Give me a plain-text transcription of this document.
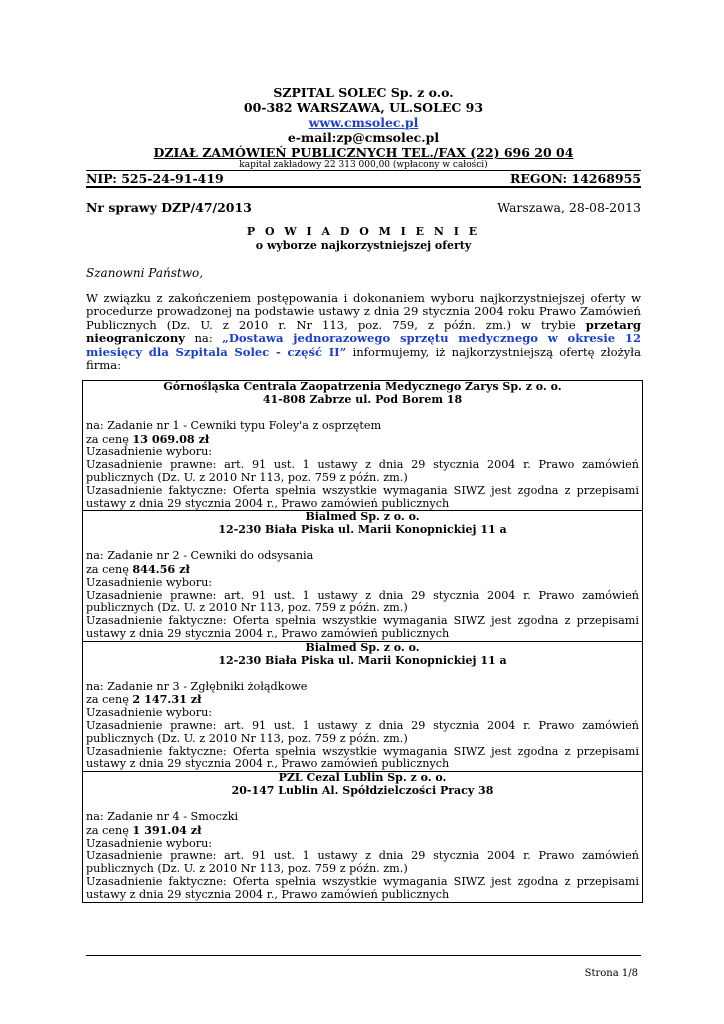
SZPITAL SOLEC Sp. z o.o.
00-382 WARSZAWA, UL.SOLEC 93
www.cmsolec.pl
e-mail:zp@cmsolec.pl
DZIAŁ ZAMÓWIEŃ PUBLICZNYCH TEL./FAX (22) 696 20 04
kapitał zakładowy 22 313 000,00 (wpłacony w całości)
NIP: 525-24-91-419	REGON: 14268955
Nr sprawy DZP/47/2013	Warszawa, 28-08-2013
P O W I A D O M I E N I E
o wyborze najkorzystniejszej oferty
Szanowni Państwo,
W związku z zakończeniem postępowania i dokonaniem wyboru najkorzystniejszej oferty w procedurze prowadzonej na podstawie ustawy z dnia 29 stycznia 2004 roku Prawo Zamówień Publicznych (Dz. U. z 2010 r. Nr 113, poz. 759, z późn. zm.) w trybie przetarg nieograniczony na: „Dostawa jednorazowego sprzętu medycznego w okresie 12 miesięcy dla Szpitala Solec - część II” informujemy, iż najkorzystniejszą ofertę złożyła firma:
Górnośląska Centrala Zaopatrzenia Medycznego Zarys Sp. z o. o.
41-808 Zabrze ul. Pod Borem 18

na: Zadanie nr 1 - Cewniki typu Foley'a z osprzętem

za cenę 13 069.08 zł

Uzasadnienie wyboru:

Uzasadnienie prawne: art. 91 ust. 1 ustawy z dnia 29 stycznia 2004 r. Prawo zamówień publicznych (Dz. U. z 2010 Nr 113, poz. 759 z późn. zm.)

Uzasadnienie faktyczne: Oferta spełnia wszystkie wymagania SIWZ jest zgodna z przepisami ustawy z dnia 29 stycznia 2004 r., Prawo zamówień publicznych

Bialmed Sp. z o. o.
12-230 Biała Piska ul. Marii Konopnickiej 11 a

na: Zadanie nr 2 - Cewniki do odsysania

za cenę 844.56 zł

Uzasadnienie wyboru:

Uzasadnienie prawne: art. 91 ust. 1 ustawy z dnia 29 stycznia 2004 r. Prawo zamówień publicznych (Dz. U. z 2010 Nr 113, poz. 759 z późn. zm.)

Uzasadnienie faktyczne: Oferta spełnia wszystkie wymagania SIWZ jest zgodna z przepisami ustawy z dnia 29 stycznia 2004 r., Prawo zamówień publicznych

Bialmed Sp. z o. o.
12-230 Biała Piska ul. Marii Konopnickiej 11 a

na: Zadanie nr 3 - Zgłębniki żołądkowe

za cenę 2 147.31 zł

Uzasadnienie wyboru:

Uzasadnienie prawne: art. 91 ust. 1 ustawy z dnia 29 stycznia 2004 r. Prawo zamówień publicznych (Dz. U. z 2010 Nr 113, poz. 759 z późn. zm.)

Uzasadnienie faktyczne: Oferta spełnia wszystkie wymagania SIWZ jest zgodna z przepisami ustawy z dnia 29 stycznia 2004 r., Prawo zamówień publicznych

PZL Cezal Lublin Sp. z o. o.
20-147 Lublin Al. Spółdzielczości Pracy 38

na: Zadanie nr 4 - Smoczki

za cenę 1 391.04 zł

Uzasadnienie wyboru:

Uzasadnienie prawne: art. 91 ust. 1 ustawy z dnia 29 stycznia 2004 r. Prawo zamówień publicznych (Dz. U. z 2010 Nr 113, poz. 759 z późn. zm.)

Uzasadnienie faktyczne: Oferta spełnia wszystkie wymagania SIWZ jest zgodna z przepisami ustawy z dnia 29 stycznia 2004 r., Prawo zamówień publicznych

Strona 1/8
